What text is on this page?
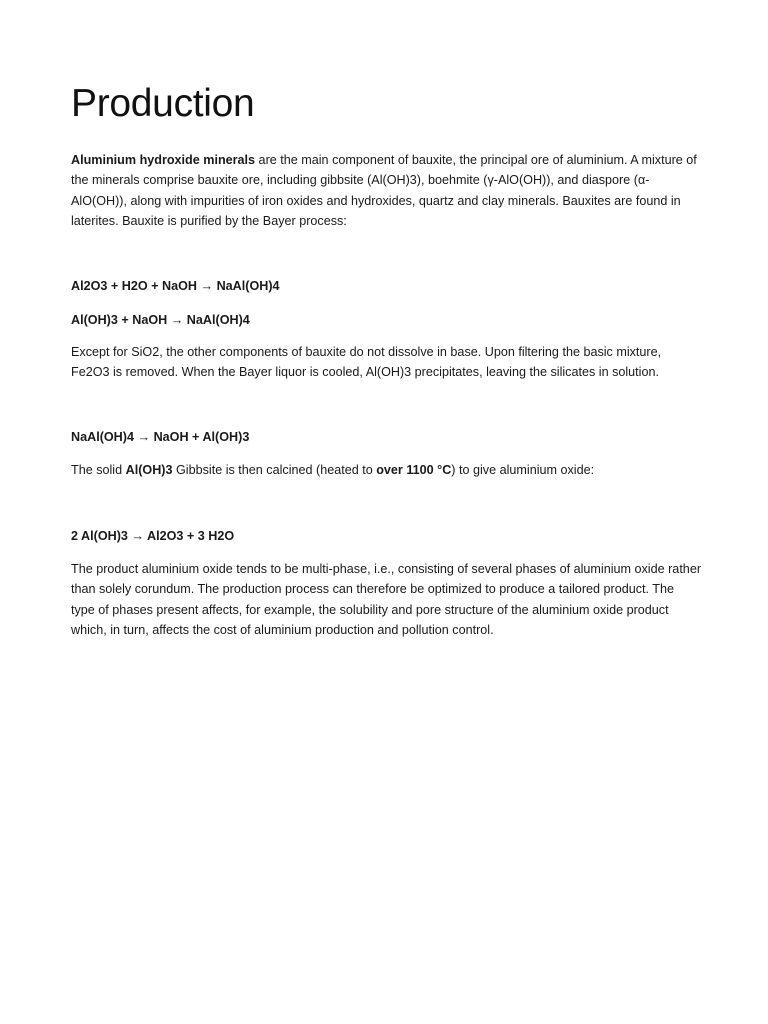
Production

Aluminium hydroxide minerals are the main component of bauxite, the principal ore of aluminium. A mixture of the minerals comprise bauxite ore, including gibbsite (Al(OH)3), boehmite (γ-AlO(OH)), and diaspore (α-AlO(OH)), along with impurities of iron oxides and hydroxides, quartz and clay minerals. Bauxites are found in laterites. Bauxite is purified by the Bayer process:

Al2O3 + H2O + NaOH → NaAl(OH)4

Al(OH)3 + NaOH → NaAl(OH)4

Except for SiO2, the other components of bauxite do not dissolve in base. Upon filtering the basic mixture, Fe2O3 is removed. When the Bayer liquor is cooled, Al(OH)3 precipitates, leaving the silicates in solution.

NaAl(OH)4 → NaOH + Al(OH)3

The solid Al(OH)3 Gibbsite is then calcined (heated to over 1100 °C) to give aluminium oxide:

2 Al(OH)3 → Al2O3 + 3 H2O

The product aluminium oxide tends to be multi-phase, i.e., consisting of several phases of aluminium oxide rather than solely corundum. The production process can therefore be optimized to produce a tailored product. The type of phases present affects, for example, the solubility and pore structure of the aluminium oxide product which, in turn, affects the cost of aluminium production and pollution control.
